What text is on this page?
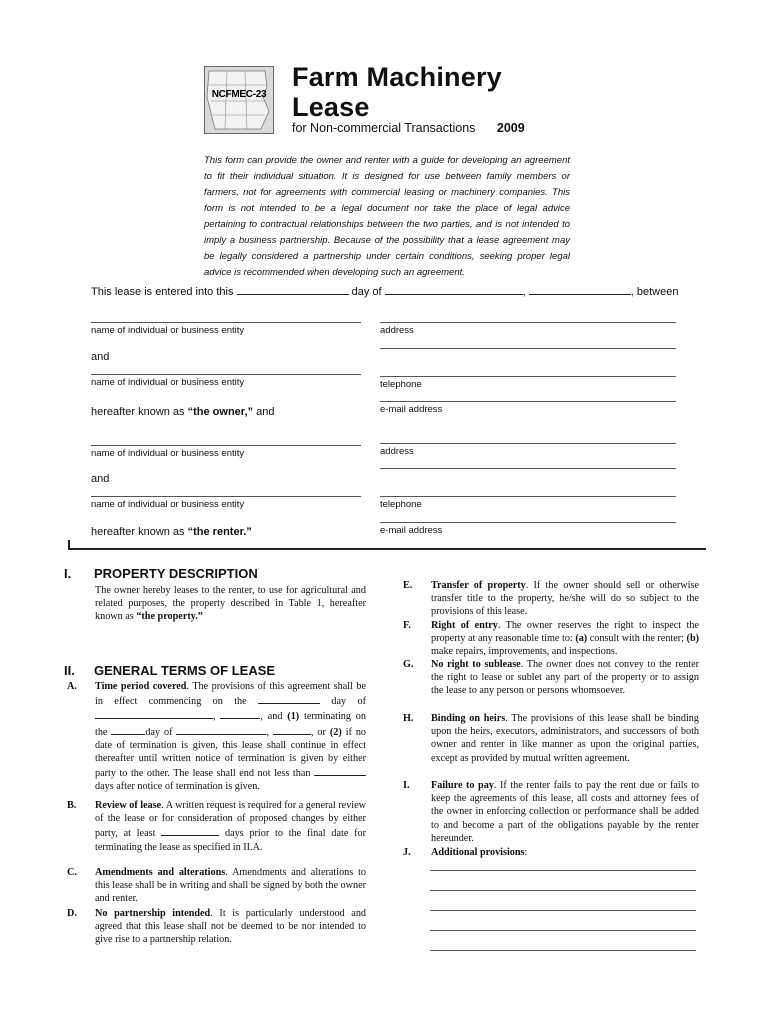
NCFMEC-23
Farm Machinery
Lease
for Non-commercial Transactions 2009
This form can provide the owner and renter with a guide for developing an agreement to fit their individual situation. It is designed for use between family members or farmers, not for agreements with commercial leasing or machinery companies. This form is not intended to be a legal document nor take the place of legal advice pertaining to contractual relationships between the two parties, and is not intended to imply a business partnership. Because of the possibility that a lease agreement may be legally considered a partnership under certain conditions, seeking proper legal advice is recommended when developing such an agreement.
This lease is entered into this	day of	,	, between
name of individual or business entity	address
and
name of individual or business entity	telephone
e-mail address
hereafter known as “the owner,” and
name of individual or business entity	address
and
name of individual or business entity	telephone
e-mail address
hereafter known as “the renter.”
I. PROPERTY DESCRIPTION
The owner hereby leases to the renter, to use for agricultural and related purposes, the property described in Table 1, hereafter known as “the property.”
II. GENERAL TERMS OF LEASE
A. Time period covered. The provisions of this agreement shall be in effect commencing on the	day of ,	, and (1) terminating on the	day of	,	, or (2) if no date of termination is given, this lease shall continue in effect thereafter until written notice of termination is given by either party to the other. The lease shall end not less than  days after notice of termination is given.
B. Review of lease. A written request is required for a general review of the lease or for consideration of proposed changes by either party, at least	days prior to the final date for terminating the lease as specified in II.A.
C. Amendments and alterations. Amendments and alterations to this lease shall be in writing and shall be signed by both the owner and renter.
D. No partnership intended. It is particularly understood and agreed that this lease shall not be deemed to be nor intended to give rise to a partnership relation.
E. Transfer of property. If the owner should sell or otherwise transfer title to the property, he/she will do so subject to the provisions of this lease.
F. Right of entry. The owner reserves the right to inspect the property at any reasonable time to: (a) consult with the renter; (b) make repairs, improvements, and inspections.
G. No right to sublease. The owner does not convey to the renter the right to lease or sublet any part of the property or to assign the lease to any person or persons whomsoever.
H. Binding on heirs. The provisions of this lease shall be binding upon the heirs, executors, administrators, and successors of both owner and renter in like manner as upon the original parties, except as provided by mutual written agreement.
I. Failure to pay. If the renter fails to pay the rent due or fails to keep the agreements of this lease, all costs and attorney fees of the owner in enforcing collection or performance shall be added to and become a part of the obligations payable by the renter hereunder.
J. Additional provisions:
